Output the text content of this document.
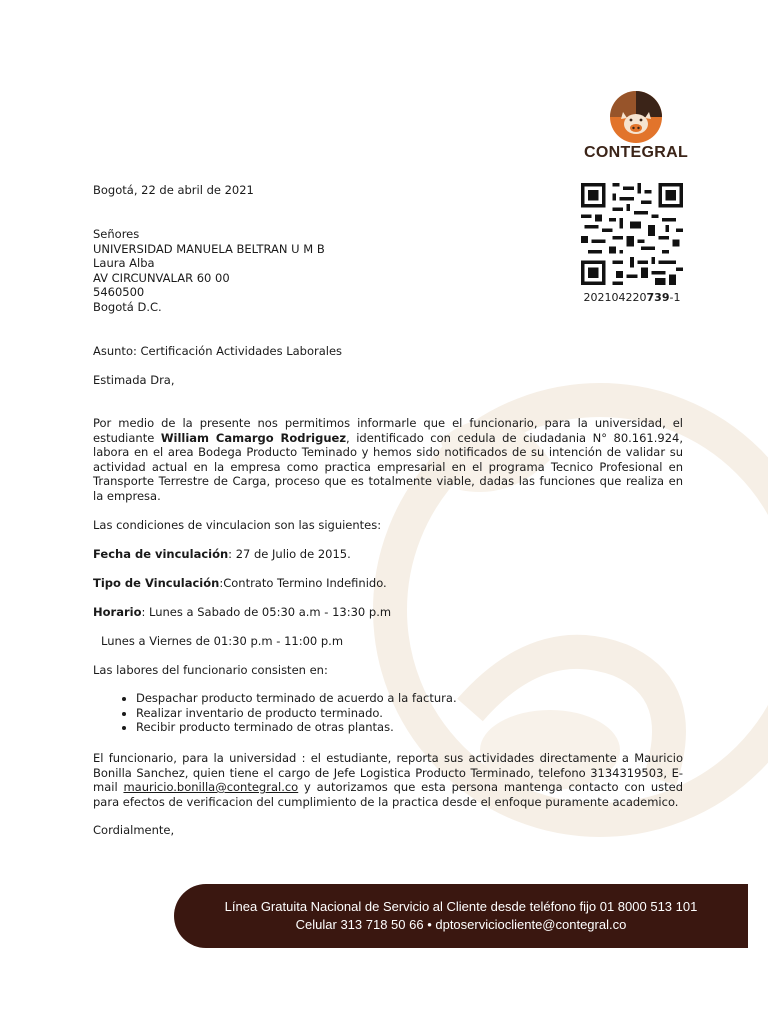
CONTEGRAL
202104220739-1
Bogotá, 22 de abril de 2021
Señores
UNIVERSIDAD MANUELA BELTRAN U M B
Laura Alba
AV CIRCUNVALAR 60 00
5460500
Bogotá D.C.
Asunto: Certificación Actividades Laborales
Estimada Dra,
Por medio de la presente nos permitimos informarle que el funcionario, para la universidad, el estudiante William Camargo Rodriguez, identificado con cedula de ciudadania N° 80.161.924, labora en el area Bodega Producto Teminado y hemos sido notificados de su intención de validar su actividad actual en la empresa como practica empresarial en el programa Tecnico Profesional en Transporte Terrestre de Carga, proceso que es totalmente viable, dadas las funciones que realiza en la empresa.
Las condiciones de vinculacion son las siguientes:
Fecha de vinculación: 27 de Julio de 2015.
Tipo de Vinculación:Contrato Termino Indefinido.
Horario: Lunes a Sabado de 05:30 a.m - 13:30 p.m
Lunes a Viernes de 01:30 p.m - 11:00 p.m
Las labores del funcionario consisten en:
• Despachar producto terminado de acuerdo a la factura.
• Realizar inventario de producto terminado.
• Recibir producto terminado de otras plantas.
El funcionario, para la universidad : el estudiante, reporta sus actividades directamente a Mauricio Bonilla Sanchez, quien tiene el cargo de Jefe Logistica Producto Terminado, telefono 3134319503, E-mail mauricio.bonilla@contegral.co y autorizamos que esta persona mantenga contacto con usted para efectos de verificacion del cumplimiento de la practica desde el enfoque puramente academico.
Cordialmente,
Línea Gratuita Nacional de Servicio al Cliente desde teléfono fijo 01 8000 513 101
Celular 313 718 50 66 • dptoserviciocliente@contegral.co
